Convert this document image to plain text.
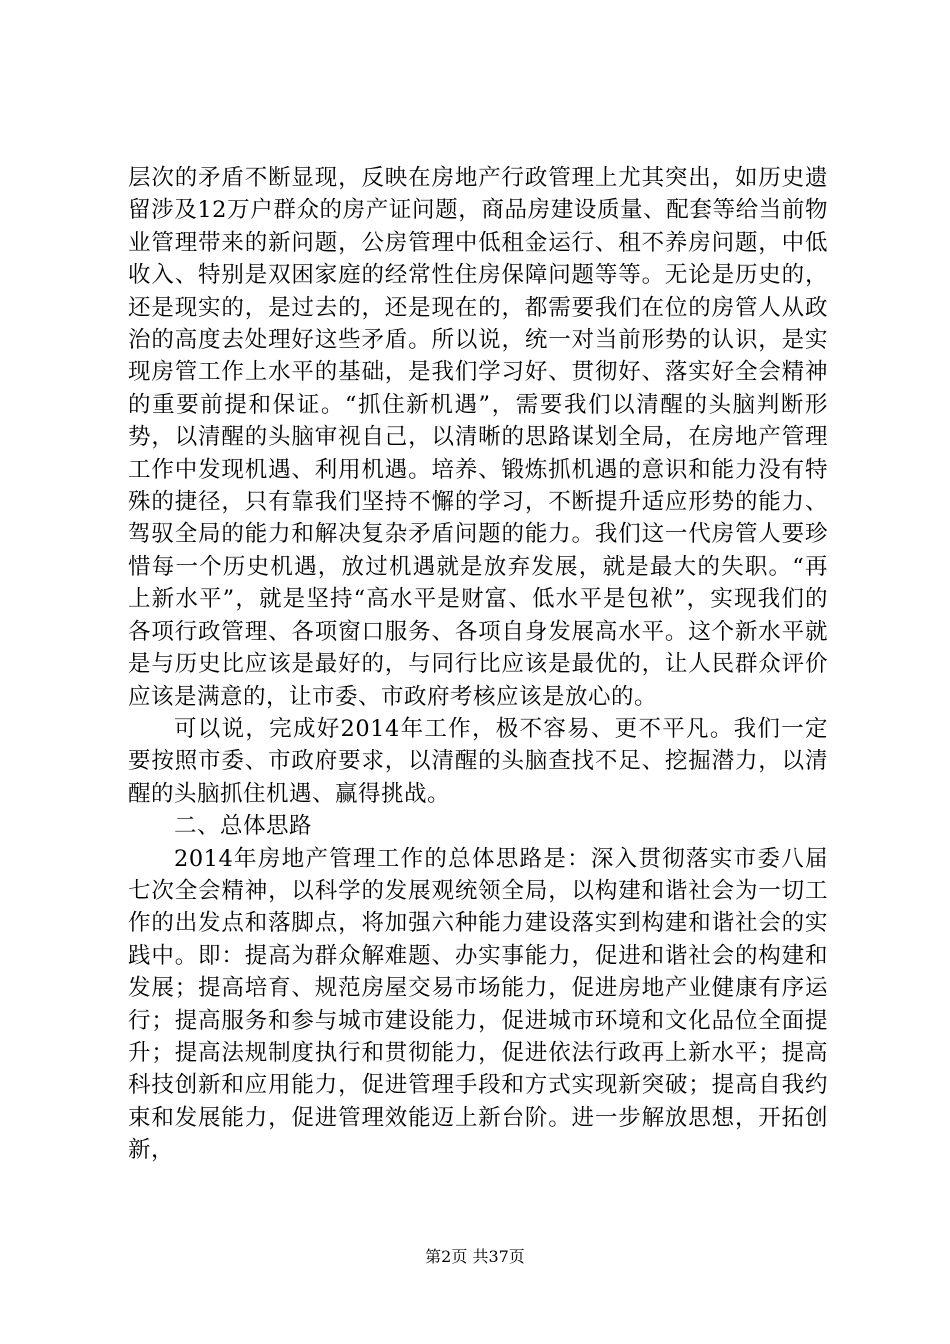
层次的矛盾不断显现，反映在房地产行政管理上尤其突出，如历史遗留涉及12万户群众的房产证问题，商品房建设质量、配套等给当前物业管理带来的新问题，公房管理中低租金运行、租不养房问题，中低收入、特别是双困家庭的经常性住房保障问题等等。无论是历史的，还是现实的，是过去的，还是现在的，都需要我们在位的房管人从政治的高度去处理好这些矛盾。所以说，统一对当前形势的认识，是实现房管工作上水平的基础，是我们学习好、贯彻好、落实好全会精神的重要前提和保证。“抓住新机遇”，需要我们以清醒的头脑判断形势，以清醒的头脑审视自己，以清晰的思路谋划全局，在房地产管理工作中发现机遇、利用机遇。培养、锻炼抓机遇的意识和能力没有特殊的捷径，只有靠我们坚持不懈的学习，不断提升适应形势的能力、驾驭全局的能力和解决复杂矛盾问题的能力。我们这一代房管人要珍惜每一个历史机遇，放过机遇就是放弃发展，就是最大的失职。“再上新水平”，就是坚持“高水平是财富、低水平是包袱”，实现我们的各项行政管理、各项窗口服务、各项自身发展高水平。这个新水平就是与历史比应该是最好的，与同行比应该是最优的，让人民群众评价应该是满意的，让市委、市政府考核应该是放心的。

可以说，完成好2014年工作，极不容易、更不平凡。我们一定要按照市委、市政府要求，以清醒的头脑查找不足、挖掘潜力，以清醒的头脑抓住机遇、赢得挑战。

二、总体思路

2014年房地产管理工作的总体思路是：深入贯彻落实市委八届七次全会精神，以科学的发展观统领全局，以构建和谐社会为一切工作的出发点和落脚点，将加强六种能力建设落实到构建和谐社会的实践中。即：提高为群众解难题、办实事能力，促进和谐社会的构建和发展；提高培育、规范房屋交易市场能力，促进房地产业健康有序运行；提高服务和参与城市建设能力，促进城市环境和文化品位全面提升；提高法规制度执行和贯彻能力，促进依法行政再上新水平；提高科技创新和应用能力，促进管理手段和方式实现新突破；提高自我约束和发展能力，促进管理效能迈上新台阶。进一步解放思想，开拓创新，

第2页 共37页
